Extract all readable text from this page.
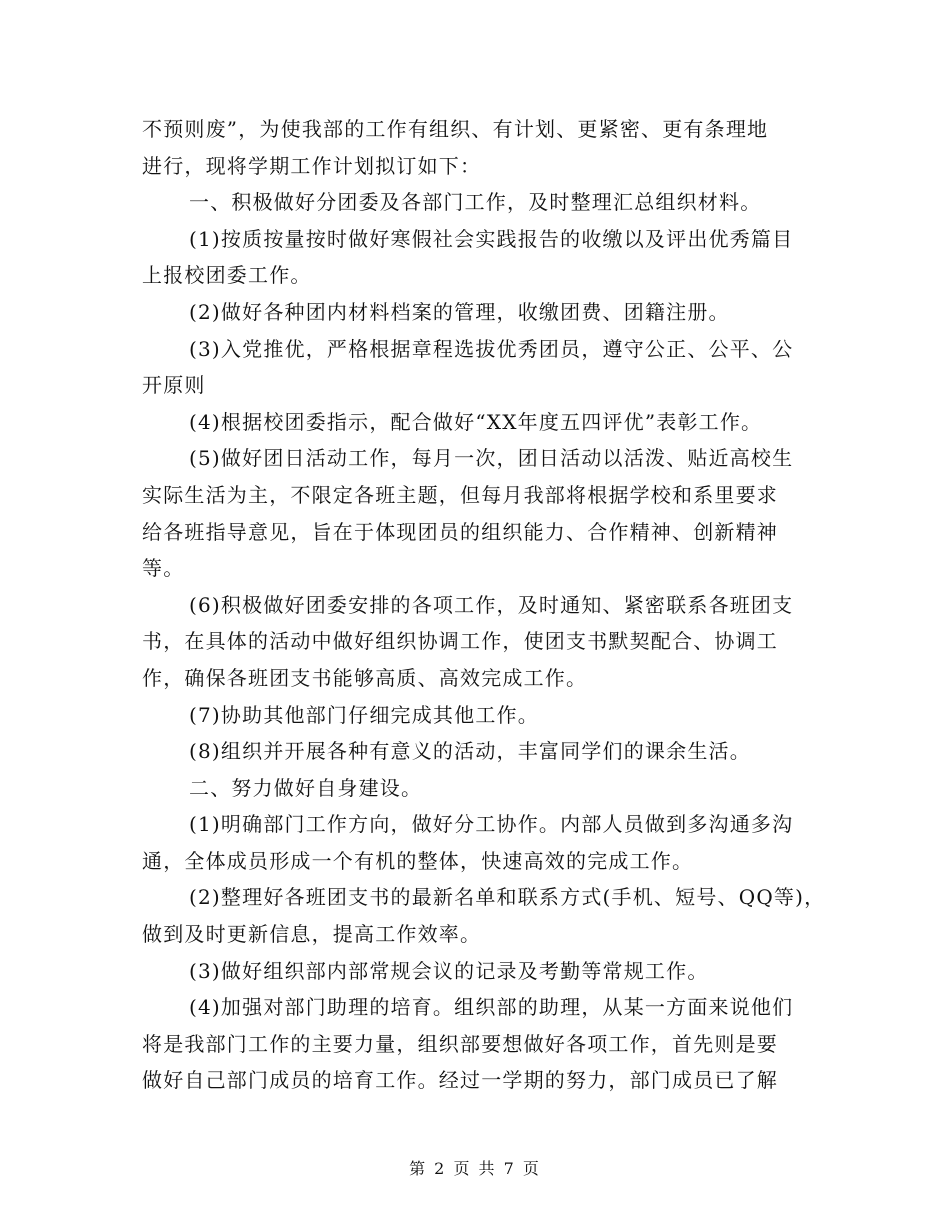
不预则废”，为使我部的工作有组织、有计划、更紧密、更有条理地
进行，现将学期工作计划拟订如下：
一、积极做好分团委及各部门工作，及时整理汇总组织材料。
(1)按质按量按时做好寒假社会实践报告的收缴以及评出优秀篇目
上报校团委工作。
(2)做好各种团内材料档案的管理，收缴团费、团籍注册。
(3)入党推优，严格根据章程选拔优秀团员，遵守公正、公平、公
开原则
(4)根据校团委指示，配合做好“XX年度五四评优”表彰工作。
(5)做好团日活动工作，每月一次，团日活动以活泼、贴近高校生
实际生活为主，不限定各班主题，但每月我部将根据学校和系里要求
给各班指导意见，旨在于体现团员的组织能力、合作精神、创新精神
等。
(6)积极做好团委安排的各项工作，及时通知、紧密联系各班团支
书，在具体的活动中做好组织协调工作，使团支书默契配合、协调工
作，确保各班团支书能够高质、高效完成工作。
(7)协助其他部门仔细完成其他工作。
(8)组织并开展各种有意义的活动，丰富同学们的课余生活。
二、努力做好自身建设。
(1)明确部门工作方向，做好分工协作。内部人员做到多沟通多沟
通，全体成员形成一个有机的整体，快速高效的完成工作。
(2)整理好各班团支书的最新名单和联系方式(手机、短号、QQ等)，
做到及时更新信息，提高工作效率。
(3)做好组织部内部常规会议的记录及考勤等常规工作。
(4)加强对部门助理的培育。组织部的助理，从某一方面来说他们
将是我部门工作的主要力量，组织部要想做好各项工作，首先则是要
做好自己部门成员的培育工作。经过一学期的努力，部门成员已了解
第 2 页 共 7 页
